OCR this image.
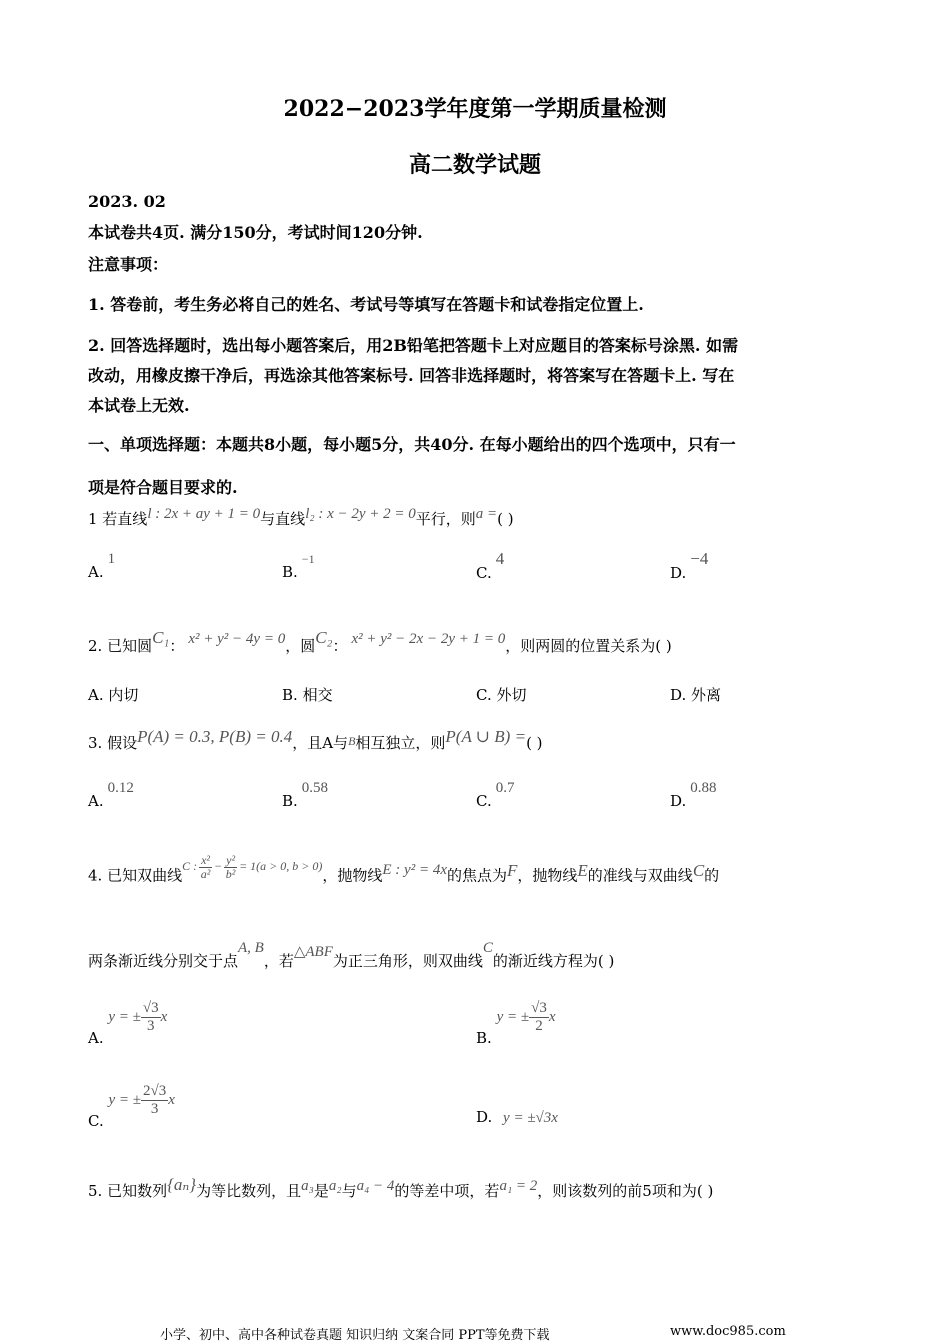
2022−2023学年度第一学期质量检测
高二数学试题
2023. 02
本试卷共4页. 满分150分，考试时间120分钟.
注意事项：
1. 答卷前，考生务必将自己的姓名、考试号等填写在答题卡和试卷指定位置上.
2. 回答选择题时，选出每小题答案后，用2B铅笔把答题卡上对应题目的答案标号涂黑. 如需
改动，用橡皮擦干净后，再选涂其他答案标号. 回答非选择题时，将答案写在答题卡上. 写在
本试卷上无效.
一、单项选择题：本题共8小题，每小题5分，共40分. 在每小题给出的四个选项中，只有一
项是符合题目要求的.
1 若直线l : 2x + ay + 1 = 0与直线l₂ : x − 2y + 2 = 0平行，则a =( )
A.1
B.$^{-1}$
C.4
D.−4
2. 已知圆C₁： x² + y² − 4y = 0，圆C₂： x² + y² − 2x − 2y + 1 = 0，则两圆的位置关系为( )
A. 内切	B. 相交	C. 外切	D. 外离
3. 假设P(A) = 0.3, P(B) = 0.4，且A与$^B$相互独立，则P(A ∪ B) =( )
A.0.12
B.0.58
C.0.7
D.0.88
4. 已知双曲线$^{C : \frac{\text{x²}}{\text{a²}} - \frac{\text{y²}}{\text{b²}} = 1(a > 0, b > 0)}$，抛物线E : y² = 4x的焦点为F，抛物线E的准线与双曲线C的
两条渐近线分别交于点A, B，若△ABF为正三角形，则双曲线C的渐近线方程为( )
A.
y = ± $\frac{√3}{3}$ x
B.
y = ± $\frac{√3}{2}$ x
C.
y = ± $\frac{2√3}{3}$ x
D. y = ±√3x
5. 已知数列{aₙ}为等比数列，且a₃是a₂与a₄ − 4的等差中项，若a₁ = 2，则该数列的前5项和为( )
小学、初中、高中各种试卷真题 知识归纳 文案合同 PPT等免费下载	www.doc985.com
